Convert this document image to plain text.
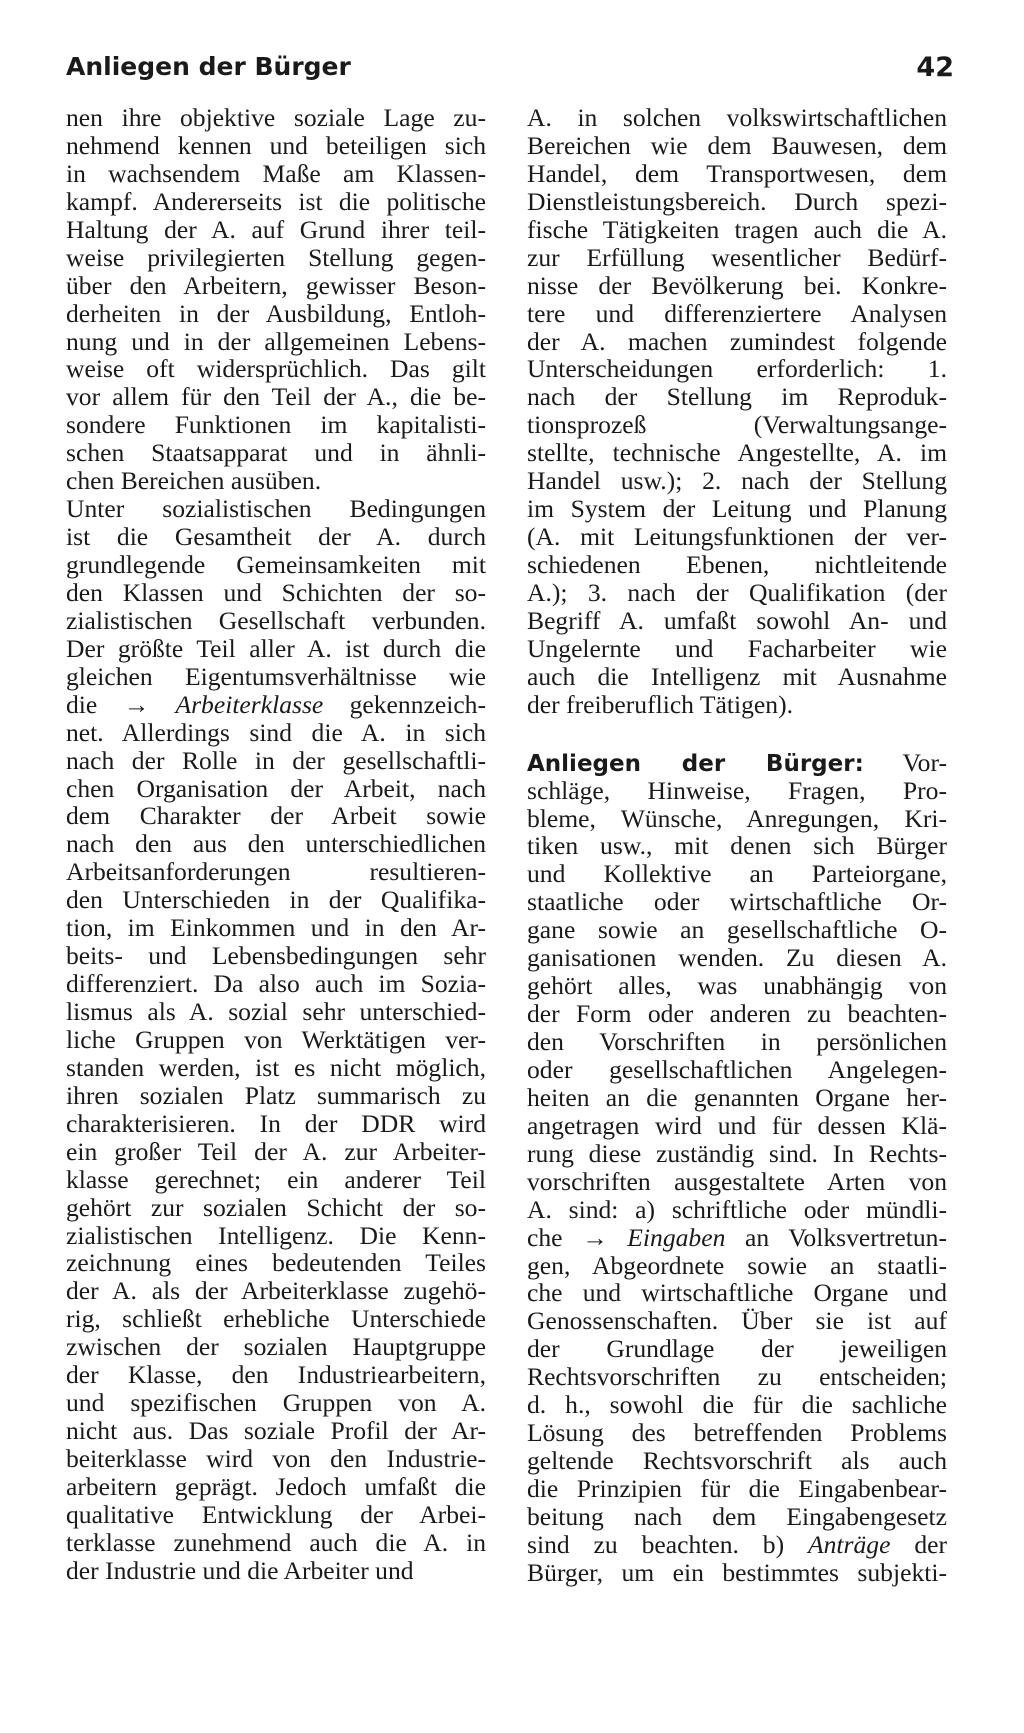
Anliegen der Bürger	42
nen ihre objektive soziale Lage zu-
nehmend kennen und beteiligen sich
in wachsendem Maße am Klassen-
kampf. Andererseits ist die politische
Haltung der A. auf Grund ihrer teil-
weise privilegierten Stellung gegen-
über den Arbeitern, gewisser Beson-
derheiten in der Ausbildung, Entloh-
nung und in der allgemeinen Lebens-
weise oft widersprüchlich. Das gilt
vor allem für den Teil der A., die be-
sondere Funktionen im kapitalisti-
schen Staatsapparat und in ähnli-
chen Bereichen ausüben.
Unter sozialistischen Bedingungen
ist die Gesamtheit der A. durch
grundlegende Gemeinsamkeiten mit
den Klassen und Schichten der so-
zialistischen Gesellschaft verbunden.
Der größte Teil aller A. ist durch die
gleichen Eigentumsverhältnisse wie
die → Arbeiterklasse gekennzeich-
net. Allerdings sind die A. in sich
nach der Rolle in der gesellschaftli-
chen Organisation der Arbeit, nach
dem Charakter der Arbeit sowie
nach den aus den unterschiedlichen
Arbeitsanforderungen resultieren-
den Unterschieden in der Qualifika-
tion, im Einkommen und in den Ar-
beits- und Lebensbedingungen sehr
differenziert. Da also auch im Sozia-
lismus als A. sozial sehr unterschied-
liche Gruppen von Werktätigen ver-
standen werden, ist es nicht möglich,
ihren sozialen Platz summarisch zu
charakterisieren. In der DDR wird
ein großer Teil der A. zur Arbeiter-
klasse gerechnet; ein anderer Teil
gehört zur sozialen Schicht der so-
zialistischen Intelligenz. Die Kenn-
zeichnung eines bedeutenden Teiles
der A. als der Arbeiterklasse zugehö-
rig, schließt erhebliche Unterschiede
zwischen der sozialen Hauptgruppe
der Klasse, den Industriearbeitern,
und spezifischen Gruppen von A.
nicht aus. Das soziale Profil der Ar-
beiterklasse wird von den Industrie-
arbeitern geprägt. Jedoch umfaßt die
qualitative Entwicklung der Arbei-
terklasse zunehmend auch die A. in
der Industrie und die Arbeiter und
A. in solchen volkswirtschaftlichen
Bereichen wie dem Bauwesen, dem
Handel, dem Transportwesen, dem
Dienstleistungsbereich. Durch spezi-
fische Tätigkeiten tragen auch die A.
zur Erfüllung wesentlicher Bedürf-
nisse der Bevölkerung bei. Konkre-
tere und differenziertere Analysen
der A. machen zumindest folgende
Unterscheidungen erforderlich: 1.
nach der Stellung im Reproduk-
tionsprozeß (Verwaltungsange-
stellte, technische Angestellte, A. im
Handel usw.); 2. nach der Stellung
im System der Leitung und Planung
(A. mit Leitungsfunktionen der ver-
schiedenen Ebenen, nichtleitende
A.); 3. nach der Qualifikation (der
Begriff A. umfaßt sowohl An- und
Ungelernte und Facharbeiter wie
auch die Intelligenz mit Ausnahme
der freiberuflich Tätigen).
Anliegen der Bürger: Vor-
schläge, Hinweise, Fragen, Pro-
bleme, Wünsche, Anregungen, Kri-
tiken usw., mit denen sich Bürger
und Kollektive an Parteiorgane,
staatliche oder wirtschaftliche Or-
gane sowie an gesellschaftliche O-
ganisationen wenden. Zu diesen A.
gehört alles, was unabhängig von
der Form oder anderen zu beachten-
den Vorschriften in persönlichen
oder gesellschaftlichen Angelegen-
heiten an die genannten Organe her-
angetragen wird und für dessen Klä-
rung diese zuständig sind. In Rechts-
vorschriften ausgestaltete Arten von
A. sind: a) schriftliche oder mündli-
che → Eingaben an Volksvertretun-
gen, Abgeordnete sowie an staatli-
che und wirtschaftliche Organe und
Genossenschaften. Über sie ist auf
der Grundlage der jeweiligen
Rechtsvorschriften zu entscheiden;
d. h., sowohl die für die sachliche
Lösung des betreffenden Problems
geltende Rechtsvorschrift als auch
die Prinzipien für die Eingabenbear-
beitung nach dem Eingabengesetz
sind zu beachten. b) Anträge der
Bürger, um ein bestimmtes subjekti-
